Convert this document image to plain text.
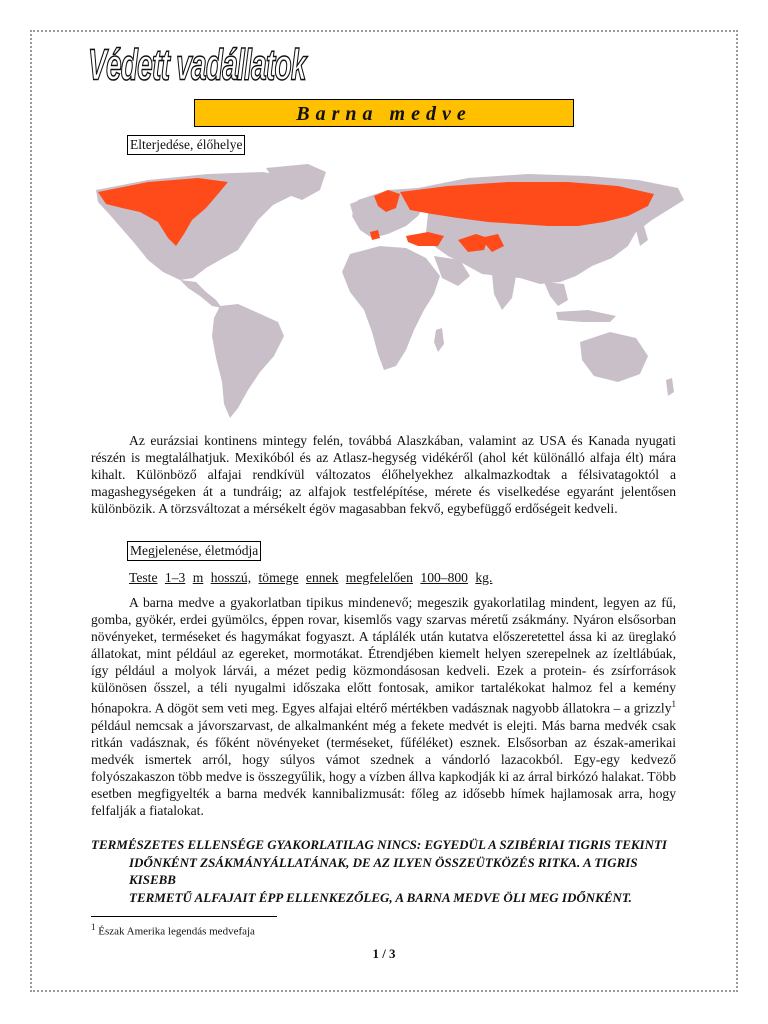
Védett vadállatok
Barna medve
Elterjedése, élőhelye
Az eurázsiai kontinens mintegy felén, továbbá Alaszkában, valamint az USA és Kanada nyugati részén is megtalálhatjuk. Mexikóból és az Atlasz-hegység vidékéről (ahol két különálló alfaja élt) mára kihalt. Különböző alfajai rendkívül változatos élőhelyekhez alkalmazkodtak a félsivatagoktól a magashegységeken át a tundráig; az alfajok testfelépítése, mérete és viselkedése egyaránt jelentősen különbözik. A törzsváltozat a mérsékelt égöv magasabban fekvő, egybefüggő erdőségeit kedveli.
Megjelenése, életmódja
Teste 1–3 m hosszú, tömege ennek megfelelően 100–800 kg.
A barna medve a gyakorlatban tipikus mindenevő; megeszik gyakorlatilag mindent, legyen az fű, gomba, gyökér, erdei gyümölcs, éppen rovar, kisemlős vagy szarvas méretű zsákmány. Nyáron elsősorban növényeket, terméseket és hagymákat fogyaszt. A táplálék után kutatva előszeretettel ássa ki az üreglakó állatokat, mint például az egereket, mormotákat. Étrendjében kiemelt helyen szerepelnek az ízeltlábúak, így például a molyok lárvái, a mézet pedig közmondásosan kedveli. Ezek a protein- és zsírforrások különösen ősszel, a téli nyugalmi időszaka előtt fontosak, amikor tartalékokat halmoz fel a kemény hónapokra. A dögöt sem veti meg. Egyes alfajai eltérő mértékben vadásznak nagyobb állatokra – a grizzly$^1$ például nemcsak a jávorszarvast, de alkalmanként még a fekete medvét is elejti. Más barna medvék csak ritkán vadásznak, és főként növényeket (terméseket, fűféléket) esznek. Elsősorban az észak-amerikai medvék ismertek arról, hogy súlyos vámot szednek a vándorló lazacokból. Egy-egy kedvező folyószakaszon több medve is összegyűlik, hogy a vízben állva kapkodják ki az árral birkózó halakat. Több esetben megfigyelték a barna medvék kannibalizmusát: főleg az idősebb hímek hajlamosak arra, hogy felfalják a fiatalokat.
TERMÉSZETES ELLENSÉGE GYAKORLATILAG NINCS: EGYEDÜL A SZIBÉRIAI TIGRIS TEKINTI
IDŐNKÉNT ZSÁKMÁNYÁLLATÁNAK, DE AZ ILYEN ÖSSZEÜTKÖZÉS RITKA. A TIGRIS KISEBB
TERMETŰ ALFAJAIT ÉPP ELLENKEZŐLEG, A BARNA MEDVE ÖLI MEG IDŐNKÉNT.
$^1$ Észak Amerika legendás medvefaja
1 / 3
